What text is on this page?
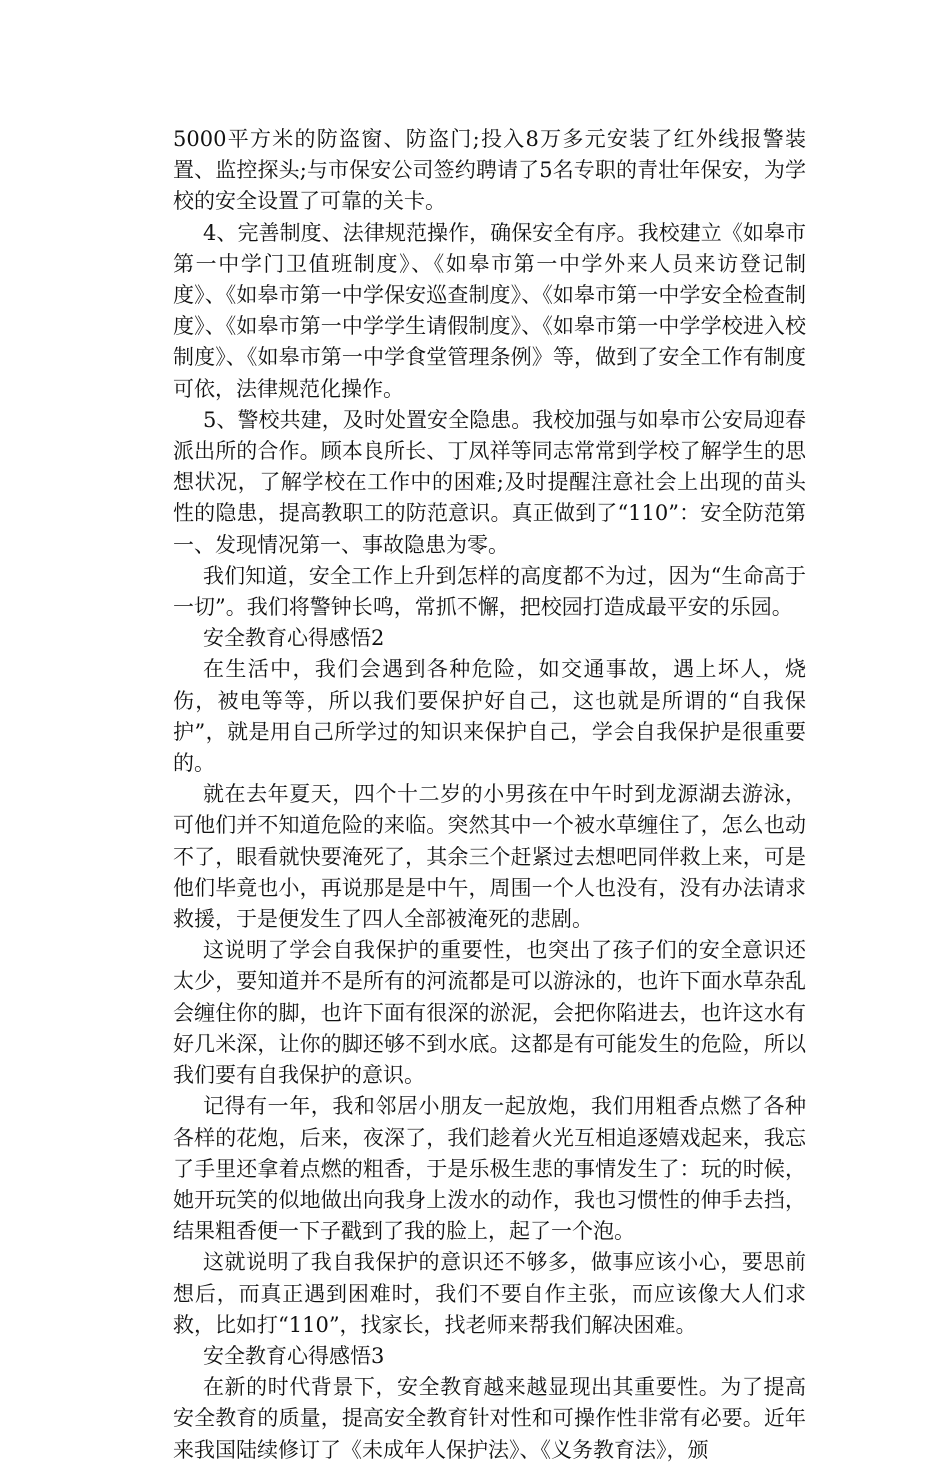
5000平方米的防盗窗、防盗门;投入8万多元安装了红外线报警装置、监控探头;与市保安公司签约聘请了5名专职的青壮年保安，为学校的安全设置了可靠的关卡。

4、完善制度、法律规范操作，确保安全有序。我校建立《如皋市第一中学门卫值班制度》、《如皋市第一中学外来人员来访登记制度》、《如皋市第一中学保安巡查制度》、《如皋市第一中学安全检查制度》、《如皋市第一中学学生请假制度》、《如皋市第一中学学校进入校制度》、《如皋市第一中学食堂管理条例》等，做到了安全工作有制度可依，法律规范化操作。

5、警校共建，及时处置安全隐患。我校加强与如皋市公安局迎春派出所的合作。顾本良所长、丁凤祥等同志常常到学校了解学生的思想状况，了解学校在工作中的困难;及时提醒注意社会上出现的苗头性的隐患，提高教职工的防范意识。真正做到了“110”：安全防范第一、发现情况第一、事故隐患为零。

我们知道，安全工作上升到怎样的高度都不为过，因为“生命高于一切”。我们将警钟长鸣，常抓不懈，把校园打造成最平安的乐园。

安全教育心得感悟2

在生活中，我们会遇到各种危险，如交通事故，遇上坏人，烧伤，被电等等，所以我们要保护好自己，这也就是所谓的“自我保护”，就是用自己所学过的知识来保护自己，学会自我保护是很重要的。

就在去年夏天，四个十二岁的小男孩在中午时到龙源湖去游泳，可他们并不知道危险的来临。突然其中一个被水草缠住了，怎么也动不了，眼看就快要淹死了，其余三个赶紧过去想吧同伴救上来，可是他们毕竟也小，再说那是是中午，周围一个人也没有，没有办法请求救援，于是便发生了四人全部被淹死的悲剧。

这说明了学会自我保护的重要性，也突出了孩子们的安全意识还太少，要知道并不是所有的河流都是可以游泳的，也许下面水草杂乱会缠住你的脚，也许下面有很深的淤泥，会把你陷进去，也许这水有好几米深，让你的脚还够不到水底。这都是有可能发生的危险，所以我们要有自我保护的意识。

记得有一年，我和邻居小朋友一起放炮，我们用粗香点燃了各种各样的花炮，后来，夜深了，我们趁着火光互相追逐嬉戏起来，我忘了手里还拿着点燃的粗香，于是乐极生悲的事情发生了：玩的时候，她开玩笑的似地做出向我身上泼水的动作，我也习惯性的伸手去挡，结果粗香便一下子戳到了我的脸上，起了一个泡。

这就说明了我自我保护的意识还不够多，做事应该小心，要思前想后，而真正遇到困难时，我们不要自作主张，而应该像大人们求救，比如打“110”，找家长，找老师来帮我们解决困难。

安全教育心得感悟3

在新的时代背景下，安全教育越来越显现出其重要性。为了提高安全教育的质量，提高安全教育针对性和可操作性非常有必要。近年来我国陆续修订了《未成年人保护法》、《义务教育法》，颁
